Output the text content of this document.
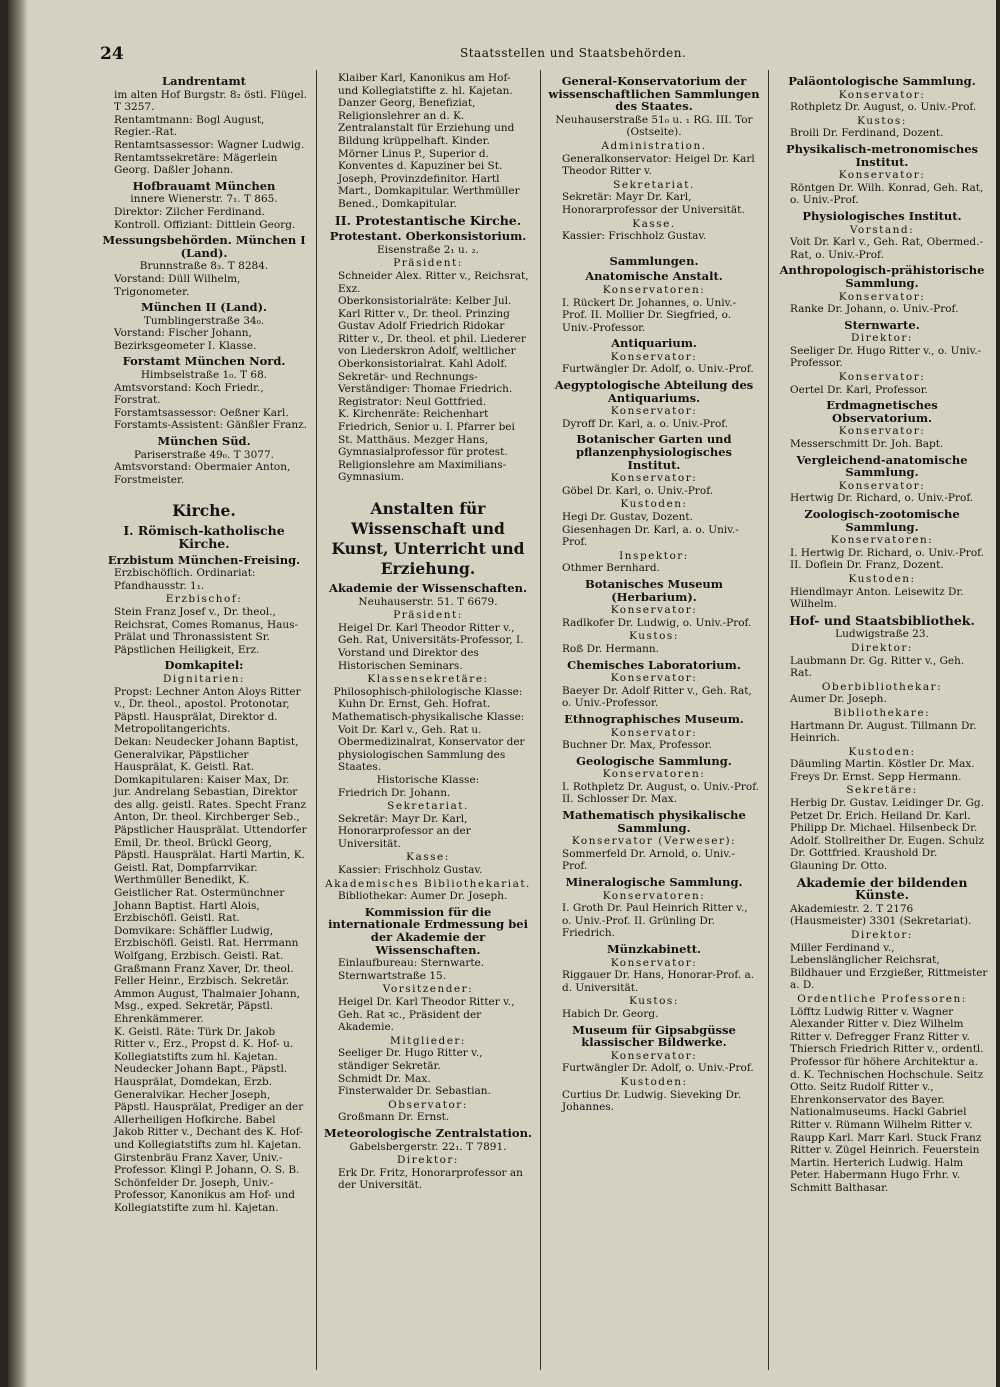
24	Staatsstellen und Staatsbehörden.

Landrentamt

im alten Hof Burgstr. 8₂ östl. Flügel. T 3257.

Rentamtmann: Bogl August, Regier.-Rat.

Rentamtsassessor: Wagner Ludwig.

Rentamtssekretäre: Mägerlein Georg. Daßler Johann.

Hofbrauamt München

innere Wienerstr. 7₁. T 865.

Direktor: Zilcher Ferdinand.

Kontroll. Offiziant: Dittlein Georg.

Messungsbehörden. München I (Land).

Brunnstraße 8₃. T 8284.

Vorstand: Düll Wilhelm, Trigonometer.

München II (Land).

Tumblingerstraße 34₀.

Vorstand: Fischer Johann, Bezirksgeometer I. Klasse.

Forstamt München Nord.

Himbselstraße 1₀. T 68.

Amtsvorstand: Koch Friedr., Forstrat.

Forstamtsassessor: Oeßner Karl.

Forstamts-Assistent: Gänßler Franz.

München Süd.

Pariserstraße 49₀. T 3077.

Amtsvorstand: Obermaier Anton, Forstmeister.

Kirche.

I. Römisch-katholische Kirche.

Erzbistum München-Freising.

Erzbischöflich. Ordinariat: Pfandhausstr. 1₁.

Erzbischof:

Stein Franz Josef v., Dr. theol., Reichsrat, Comes Romanus, Haus-Prälat und Thronassistent Sr. Päpstlichen Heiligkeit, Erz.

Domkapitel:

Dignitarien:

Propst: Lechner Anton Aloys Ritter v., Dr. theol., apostol. Protonotar, Päpstl. Hausprälat, Direktor d. Metropolitangerichts.

Dekan: Neudecker Johann Baptist, Generalvikar, Päpstlicher Hausprälat, K. Geistl. Rat.

Domkapitularen: Kaiser Max, Dr. jur. Andrelang Sebastian, Direktor des allg. geistl. Rates. Specht Franz Anton, Dr. theol. Kirchberger Seb., Päpstlicher Hausprälat. Uttendorfer Emil, Dr. theol. Brückl Georg, Päpstl. Hausprälat. Hartl Martin, K. Geistl. Rat, Dompfarrvikar. Werthmüller Benedikt, K. Geistlicher Rat. Ostermünchner Johann Baptist. Hartl Alois, Erzbischöfl. Geistl. Rat.

Domvikare: Schäffler Ludwig, Erzbischöfl. Geistl. Rat. Herrmann Wolfgang, Erzbisch. Geistl. Rat. Graßmann Franz Xaver, Dr. theol. Feller Heinr., Erzbisch. Sekretär. Ammon August, Thalmaier Johann, Msg., exped. Sekretär, Päpstl. Ehrenkämmerer.

K. Geistl. Räte: Türk Dr. Jakob Ritter v., Erz., Propst d. K. Hof- u. Kollegiatstifts zum hl. Kajetan. Neudecker Johann Bapt., Päpstl. Hausprälat, Domdekan, Erzb. Generalvikar. Hecher Joseph, Päpstl. Hausprälat, Prediger an der Allerheiligen Hofkirche. Babel Jakob Ritter v., Dechant des K. Hof- und Kollegiatstifts zum hl. Kajetan. Girstenbräu Franz Xaver, Univ.-Professor. Klingl P. Johann, O. S. B. Schönfelder Dr. Joseph, Univ.-Professor, Kanonikus am Hof- und Kollegiatstifte zum hl. Kajetan.

Klaiber Karl, Kanonikus am Hof- und Kollegiatstifte z. hl. Kajetan. Danzer Georg, Benefiziat, Religionslehrer an d. K. Zentralanstalt für Erziehung und Bildung krüppelhaft. Kinder. Mörner Linus P., Superior d. Konventes d. Kapuziner bei St. Joseph, Provinzdefinitor. Hartl Mart., Domkapitular. Werthmüller Bened., Domkapitular.

II. Protestantische Kirche.

Protestant. Oberkonsistorium.

Eisenstraße 2₁ u. ₂.

Präsident:

Schneider Alex. Ritter v., Reichsrat, Exz.

Oberkonsistorialräte: Kelber Jul. Karl Ritter v., Dr. theol. Prinzing Gustav Adolf Friedrich Ridokar Ritter v., Dr. theol. et phil. Liederer von Liederskron Adolf, weltlicher Oberkonsistorialrat. Kahl Adolf.

Sekretär- und Rechnungs-Verständiger: Thomae Friedrich.

Registrator: Neul Gottfried.

K. Kirchenräte: Reichenhart Friedrich, Senior u. I. Pfarrer bei St. Matthäus. Mezger Hans, Gymnasialprofessor für protest. Religionslehre am Maximilians-Gymnasium.

Anstalten für Wissenschaft und Kunst, Unterricht und Erziehung.

Akademie der Wissenschaften.

Neuhauserstr. 51. T 6679.

Präsident:

Heigel Dr. Karl Theodor Ritter v., Geh. Rat, Universitäts-Professor, I. Vorstand und Direktor des Historischen Seminars.

Klassensekretäre:

Philosophisch-philologische Klasse:

Kuhn Dr. Ernst, Geh. Hofrat.

Mathematisch-physikalische Klasse:

Voit Dr. Karl v., Geh. Rat u. Obermedizinalrat, Konservator der physiologischen Sammlung des Staates.

Historische Klasse:

Friedrich Dr. Johann.

Sekretariat.

Sekretär: Mayr Dr. Karl, Honorarprofessor an der Universität.

Kasse:

Kassier: Frischholz Gustav.

Akademisches Bibliothekariat.

Bibliothekar: Aumer Dr. Joseph.

Kommission für die internationale Erdmessung bei der Akademie der Wissenschaften.

Einlaufbureau: Sternwarte. Sternwartstraße 15.

Vorsitzender:

Heigel Dr. Karl Theodor Ritter v., Geh. Rat ꝛc., Präsident der Akademie.

Mitglieder:

Seeliger Dr. Hugo Ritter v., ständiger Sekretär.

Schmidt Dr. Max.

Finsterwalder Dr. Sebastian.

Observator:

Großmann Dr. Ernst.

Meteorologische Zentralstation.

Gabelsbergerstr. 22₁. T 7891.

Direktor:

Erk Dr. Fritz, Honorarprofessor an der Universität.

General-Konservatorium der wissenschaftlichen Sammlungen des Staates.

Neuhauserstraße 51₀ u. ₁ RG. III. Tor (Ostseite).

Administration.

Generalkonservator: Heigel Dr. Karl Theodor Ritter v.

Sekretariat.

Sekretär: Mayr Dr. Karl, Honorarprofessor der Universität.

Kasse.

Kassier: Frischholz Gustav.

Sammlungen.

Anatomische Anstalt.

Konservatoren:

I. Rückert Dr. Johannes, o. Univ.-Prof. II. Mollier Dr. Siegfried, o. Univ.-Professor.

Antiquarium.

Konservator:

Furtwängler Dr. Adolf, o. Univ.-Prof.

Aegyptologische Abteilung des Antiquariums.

Konservator:

Dyroff Dr. Karl, a. o. Univ.-Prof.

Botanischer Garten und pflanzenphysiologisches Institut.

Konservator:

Göbel Dr. Karl, o. Univ.-Prof.

Kustoden:

Hegi Dr. Gustav, Dozent. Giesenhagen Dr. Karl, a. o. Univ.-Prof.

Inspektor:

Othmer Bernhard.

Botanisches Museum (Herbarium).

Konservator:

Radlkofer Dr. Ludwig, o. Univ.-Prof.

Kustos:

Roß Dr. Hermann.

Chemisches Laboratorium.

Konservator:

Baeyer Dr. Adolf Ritter v., Geh. Rat, o. Univ.-Professor.

Ethnographisches Museum.

Konservator:

Buchner Dr. Max, Professor.

Geologische Sammlung.

Konservatoren:

I. Rothpletz Dr. August, o. Univ.-Prof. II. Schlosser Dr. Max.

Mathematisch physikalische Sammlung.

Konservator (Verweser):

Sommerfeld Dr. Arnold, o. Univ.-Prof.

Mineralogische Sammlung.

Konservatoren:

I. Groth Dr. Paul Heinrich Ritter v., o. Univ.-Prof. II. Grünling Dr. Friedrich.

Münzkabinett.

Konservator:

Riggauer Dr. Hans, Honorar-Prof. a. d. Universität.

Kustos:

Habich Dr. Georg.

Museum für Gipsabgüsse klassischer Bildwerke.

Konservator:

Furtwängler Dr. Adolf, o. Univ.-Prof.

Kustoden:

Curtius Dr. Ludwig. Sieveking Dr. Johannes.

Paläontologische Sammlung.

Konservator:

Rothpletz Dr. August, o. Univ.-Prof.

Kustos:

Broili Dr. Ferdinand, Dozent.

Physikalisch-metronomisches Institut.

Konservator:

Röntgen Dr. Wilh. Konrad, Geh. Rat, o. Univ.-Prof.

Physiologisches Institut.

Vorstand:

Voit Dr. Karl v., Geh. Rat, Obermed.-Rat, o. Univ.-Prof.

Anthropologisch-prähistorische Sammlung.

Konservator:

Ranke Dr. Johann, o. Univ.-Prof.

Sternwarte.

Direktor:

Seeliger Dr. Hugo Ritter v., o. Univ.-Professor.

Konservator:

Oertel Dr. Karl, Professor.

Erdmagnetisches Observatorium.

Konservator:

Messerschmitt Dr. Joh. Bapt.

Vergleichend-anatomische Sammlung.

Konservator:

Hertwig Dr. Richard, o. Univ.-Prof.

Zoologisch-zootomische Sammlung.

Konservatoren:

I. Hertwig Dr. Richard, o. Univ.-Prof. II. Doflein Dr. Franz, Dozent.

Kustoden:

Hiendlmayr Anton. Leisewitz Dr. Wilhelm.

Hof- und Staatsbibliothek.

Ludwigstraße 23.

Direktor:

Laubmann Dr. Gg. Ritter v., Geh. Rat.

Oberbibliothekar:

Aumer Dr. Joseph.

Bibliothekare:

Hartmann Dr. August. Tillmann Dr. Heinrich.

Kustoden:

Däumling Martin. Köstler Dr. Max. Freys Dr. Ernst. Sepp Hermann.

Sekretäre:

Herbig Dr. Gustav. Leidinger Dr. Gg. Petzet Dr. Erich. Heiland Dr. Karl. Philipp Dr. Michael. Hilsenbeck Dr. Adolf. Stollreither Dr. Eugen. Schulz Dr. Gottfried. Kraushold Dr. Glauning Dr. Otto.

Akademie der bildenden Künste.

Akademiestr. 2. T 2176 (Hausmeister) 3301 (Sekretariat).

Direktor:

Miller Ferdinand v., Lebenslänglicher Reichsrat, Bildhauer und Erzgießer, Rittmeister a. D.

Ordentliche Professoren:

Löfftz Ludwig Ritter v. Wagner Alexander Ritter v. Diez Wilhelm Ritter v. Defregger Franz Ritter v. Thiersch Friedrich Ritter v., ordentl. Professor für höhere Architektur a. d. K. Technischen Hochschule. Seitz Otto. Seitz Rudolf Ritter v., Ehrenkonservator des Bayer. Nationalmuseums. Hackl Gabriel Ritter v. Rümann Wilhelm Ritter v. Raupp Karl. Marr Karl. Stuck Franz Ritter v. Zügel Heinrich. Feuerstein Martin. Herterich Ludwig. Halm Peter. Habermann Hugo Frhr. v. Schmitt Balthasar.
